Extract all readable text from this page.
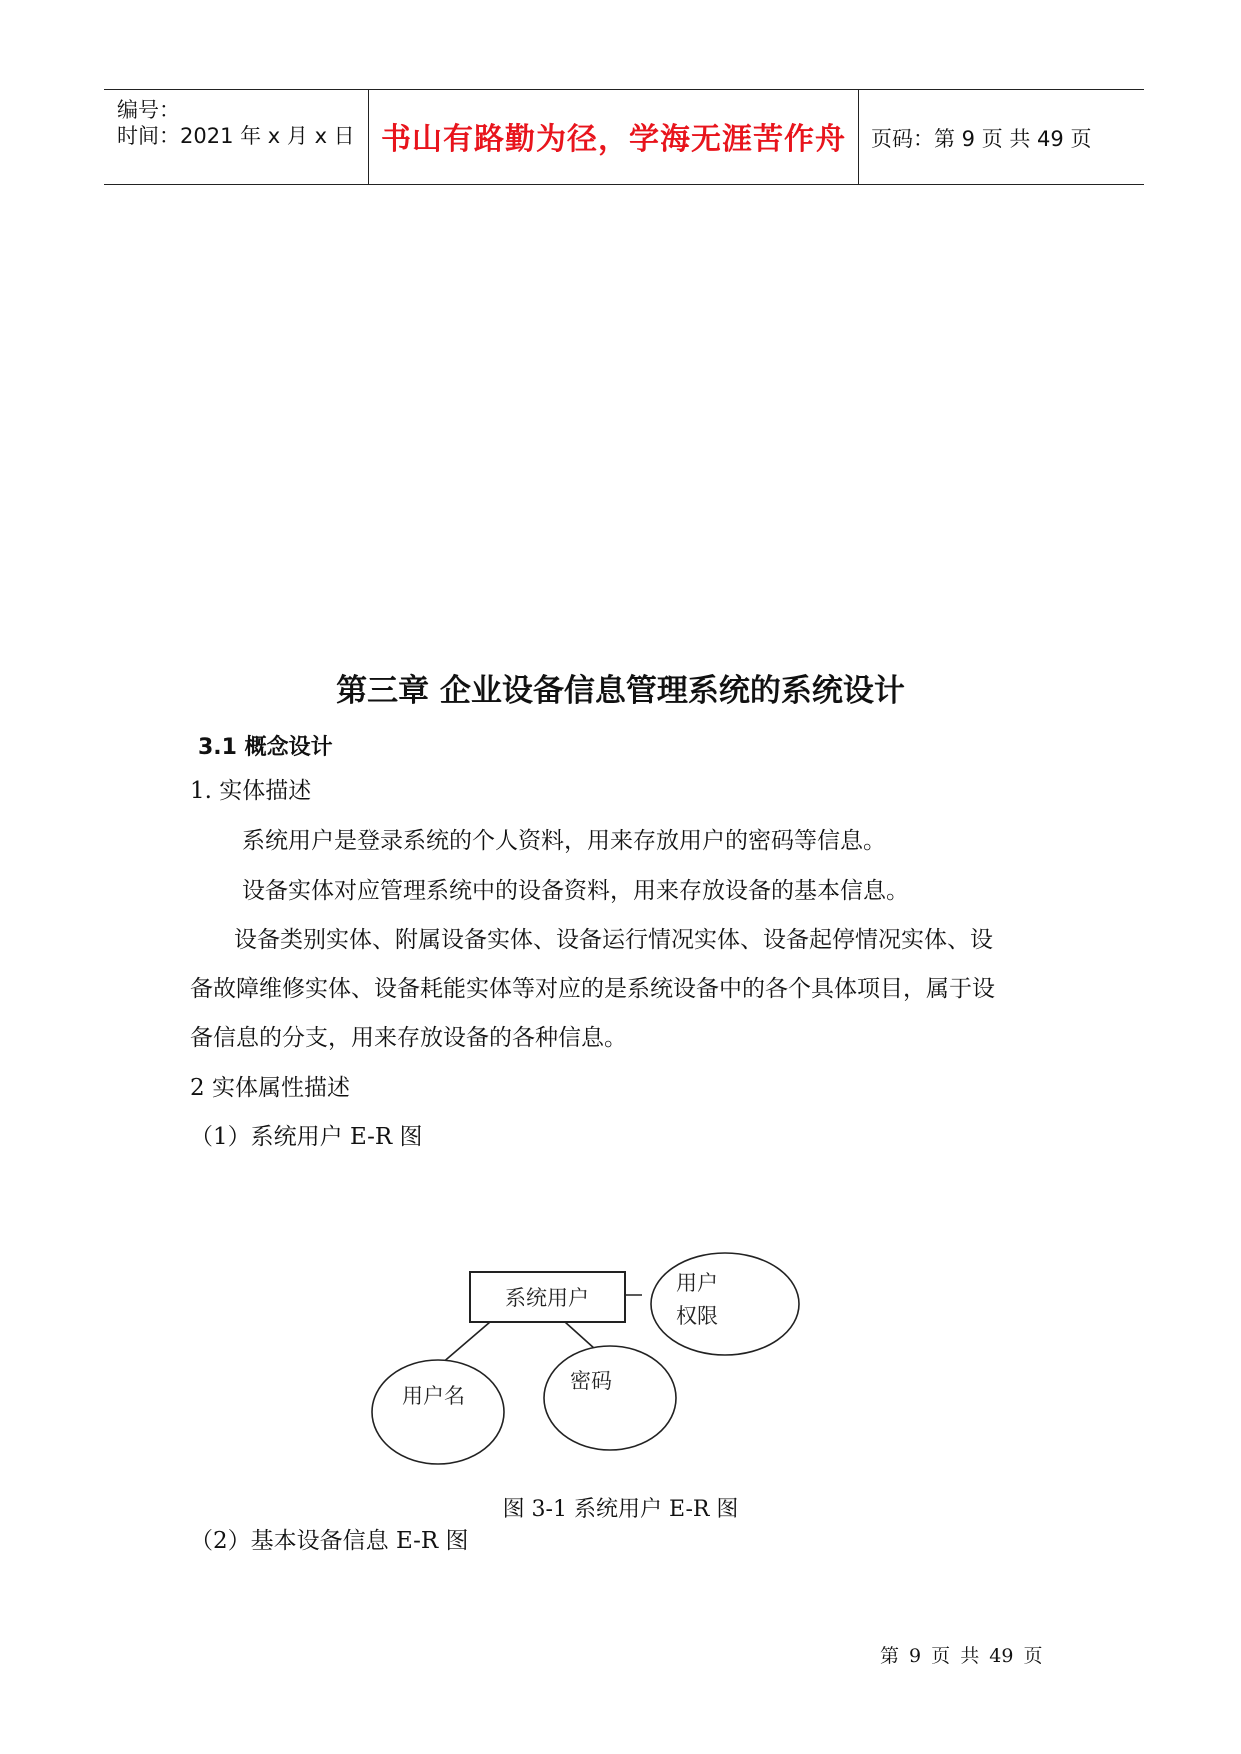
编号：
时间：2021 年 x 月 x 日 书山有路勤为径，学海无涯苦作舟	页码：第 9 页 共 49 页
第三章 企业设备信息管理系统的系统设计
3.1 概念设计
1. 实体描述
系统用户是登录系统的个人资料，用来存放用户的密码等信息。
设备实体对应管理系统中的设备资料，用来存放设备的基本信息。
设备类别实体、附属设备实体、设备运行情况实体、设备起停情况实体、设
备故障维修实体、设备耗能实体等对应的是系统设备中的各个具体项目，属于设
备信息的分支，用来存放设备的各种信息。
2 实体属性描述
（1）系统用户 E-R 图
系统用户
用户
权限
用户名
密码
图 3-1 系统用户 E-R 图
（2）基本设备信息 E-R 图
第 9 页 共 49 页
